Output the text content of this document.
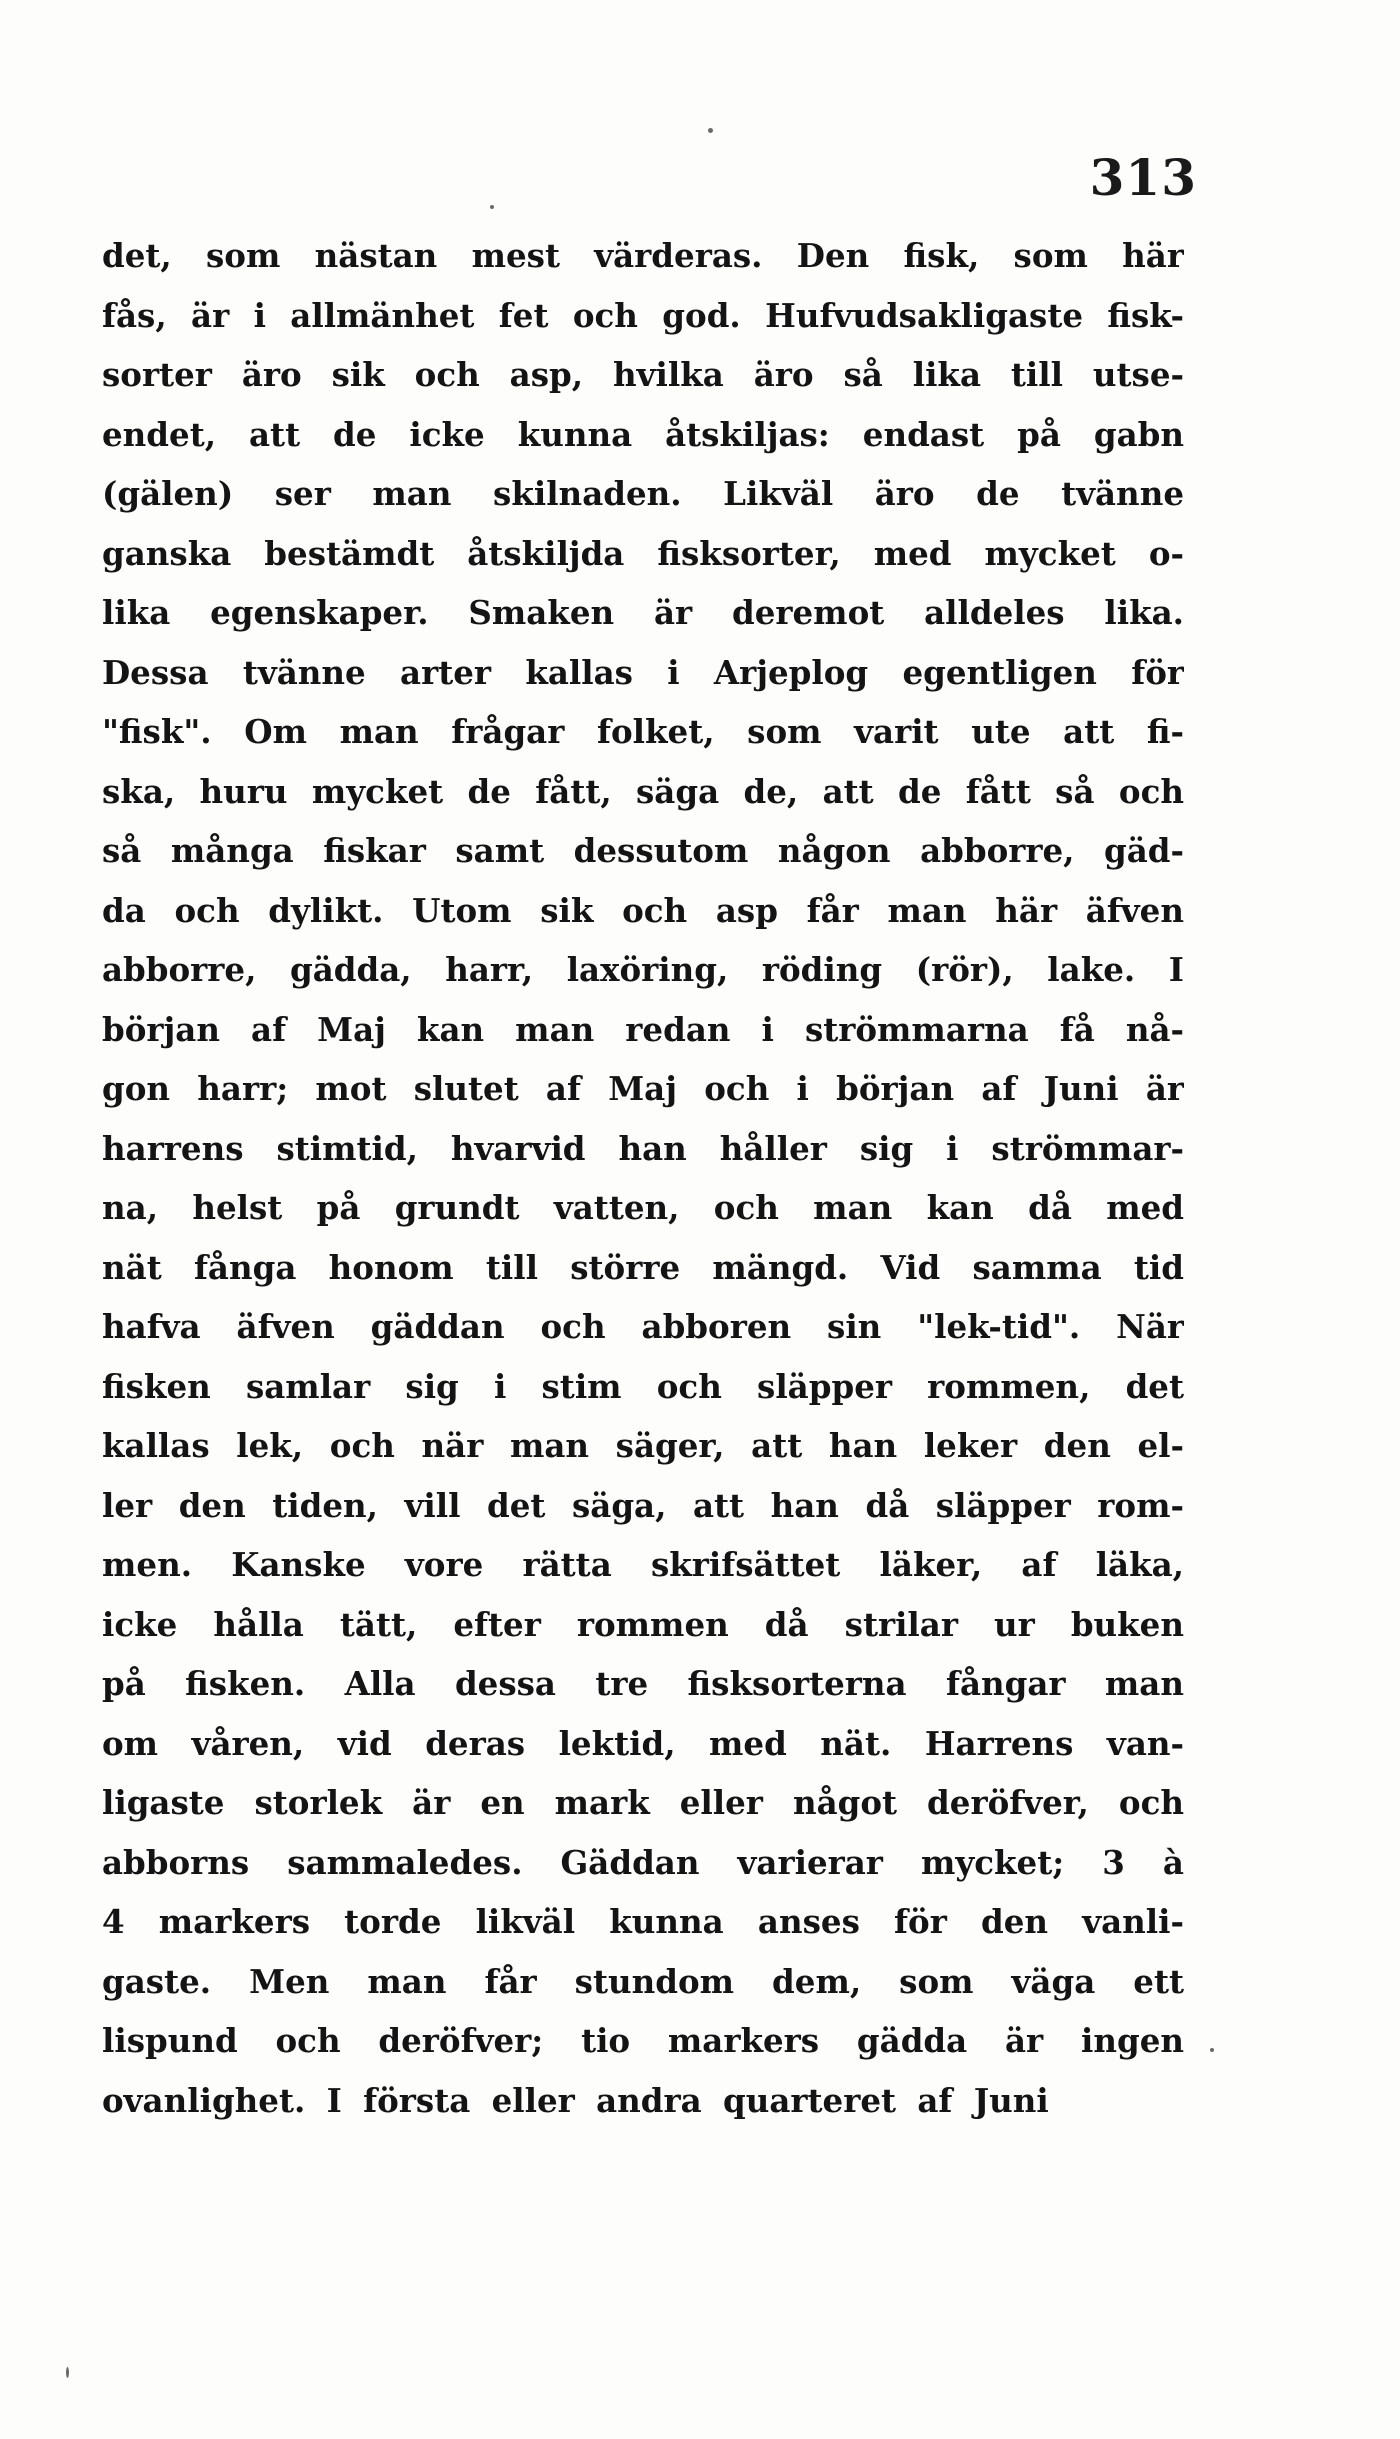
313
det, som nästan mest värderas. Den fisk, som här
fås, är i allmänhet fet och god. Hufvudsakligaste fisk-
sorter äro sik och asp, hvilka äro så lika till utse-
endet, att de icke kunna åtskiljas: endast på gabn
(gälen) ser man skilnaden. Likväl äro de tvänne
ganska bestämdt åtskiljda fisksorter, med mycket o-
lika egenskaper. Smaken är deremot alldeles lika.
Dessa tvänne arter kallas i Arjeplog egentligen för
"fisk". Om man frågar folket, som varit ute att fi-
ska, huru mycket de fått, säga de, att de fått så och
så många fiskar samt dessutom någon abborre, gäd-
da och dylikt. Utom sik och asp får man här äfven
abborre, gädda, harr, laxöring, röding (rör), lake. I
början af Maj kan man redan i strömmarna få nå-
gon harr; mot slutet af Maj och i början af Juni är
harrens stimtid, hvarvid han håller sig i strömmar-
na, helst på grundt vatten, och man kan då med
nät fånga honom till större mängd. Vid samma tid
hafva äfven gäddan och abboren sin "lek-tid". När
fisken samlar sig i stim och släpper rommen, det
kallas lek, och när man säger, att han leker den el-
ler den tiden, vill det säga, att han då släpper rom-
men. Kanske vore rätta skrifsättet läker, af läka,
icke hålla tätt, efter rommen då strilar ur buken
på fisken. Alla dessa tre fisksorterna fångar man
om våren, vid deras lektid, med nät. Harrens van-
ligaste storlek är en mark eller något deröfver, och
abborns sammaledes. Gäddan varierar mycket; 3 à
4 markers torde likväl kunna anses för den vanli-
gaste. Men man får stundom dem, som väga ett
lispund och deröfver; tio markers gädda är ingen
ovanlighet. I första eller andra quarteret af Juni
